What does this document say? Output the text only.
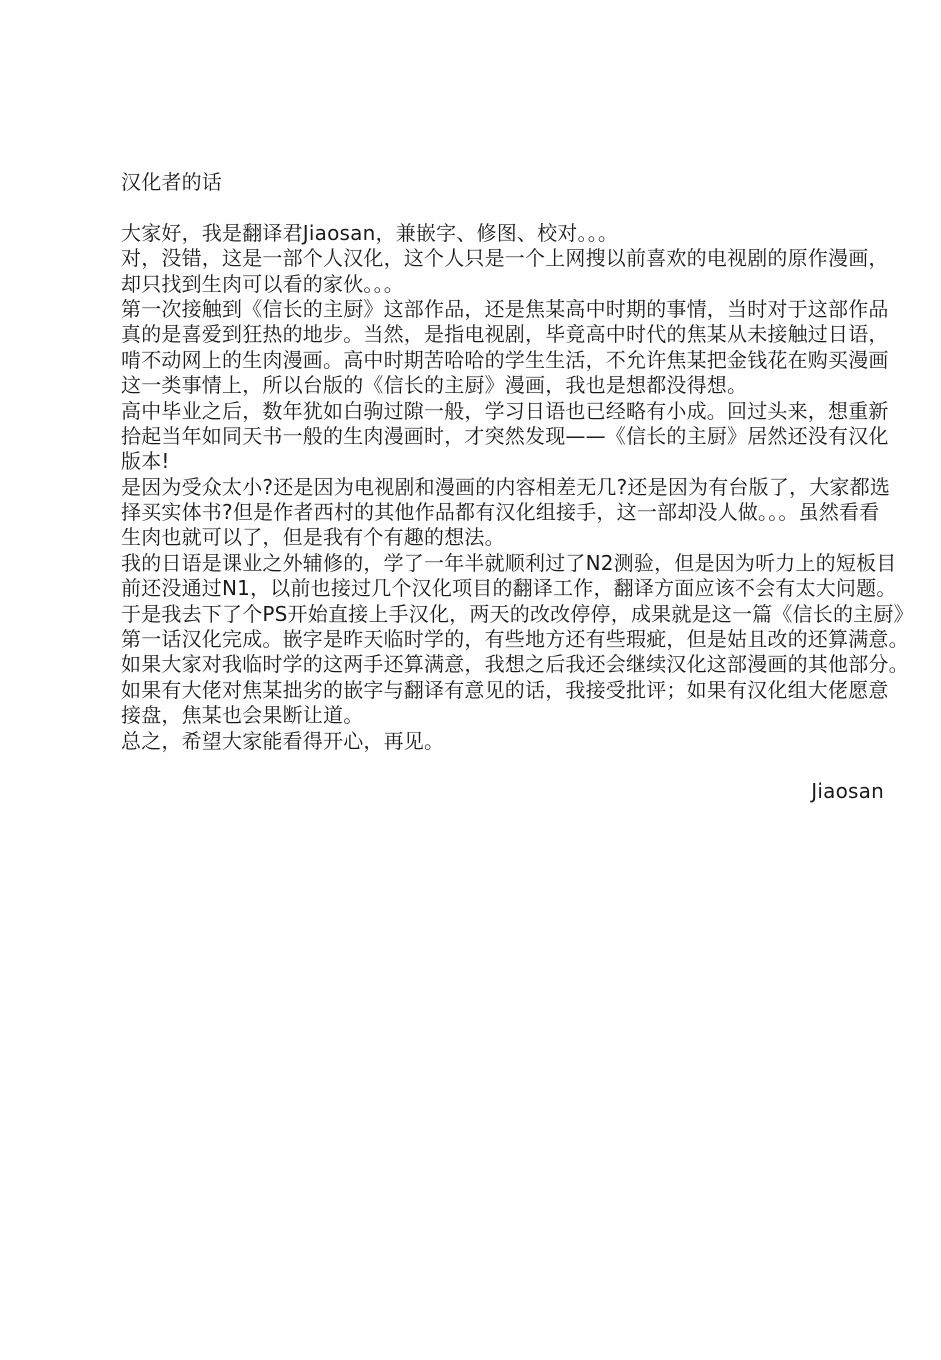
汉化者的话
大家好，我是翻译君Jiaosan，兼嵌字、修图、校对。。。
对，没错，这是一部个人汉化，这个人只是一个上网搜以前喜欢的电视剧的原作漫画，
却只找到生肉可以看的家伙。。。
第一次接触到《信长的主厨》这部作品，还是焦某高中时期的事情，当时对于这部作品
真的是喜爱到狂热的地步。当然，是指电视剧，毕竟高中时代的焦某从未接触过日语，
啃不动网上的生肉漫画。高中时期苦哈哈的学生生活，不允许焦某把金钱花在购买漫画
这一类事情上，所以台版的《信长的主厨》漫画，我也是想都没得想。
高中毕业之后，数年犹如白驹过隙一般，学习日语也已经略有小成。回过头来，想重新
拾起当年如同天书一般的生肉漫画时，才突然发现——《信长的主厨》居然还没有汉化
版本!
是因为受众太小?还是因为电视剧和漫画的内容相差无几?还是因为有台版了，大家都选
择买实体书?但是作者西村的其他作品都有汉化组接手，这一部却没人做。。。虽然看看
生肉也就可以了，但是我有个有趣的想法。
我的日语是课业之外辅修的，学了一年半就顺利过了N2测验，但是因为听力上的短板目
前还没通过N1，以前也接过几个汉化项目的翻译工作，翻译方面应该不会有太大问题。
于是我去下了个PS开始直接上手汉化，两天的改改停停，成果就是这一篇《信长的主厨》
第一话汉化完成。嵌字是昨天临时学的，有些地方还有些瑕疵，但是姑且改的还算满意。
如果大家对我临时学的这两手还算满意，我想之后我还会继续汉化这部漫画的其他部分。
如果有大佬对焦某拙劣的嵌字与翻译有意见的话，我接受批评；如果有汉化组大佬愿意
接盘，焦某也会果断让道。
总之，希望大家能看得开心，再见。
Jiaosan
